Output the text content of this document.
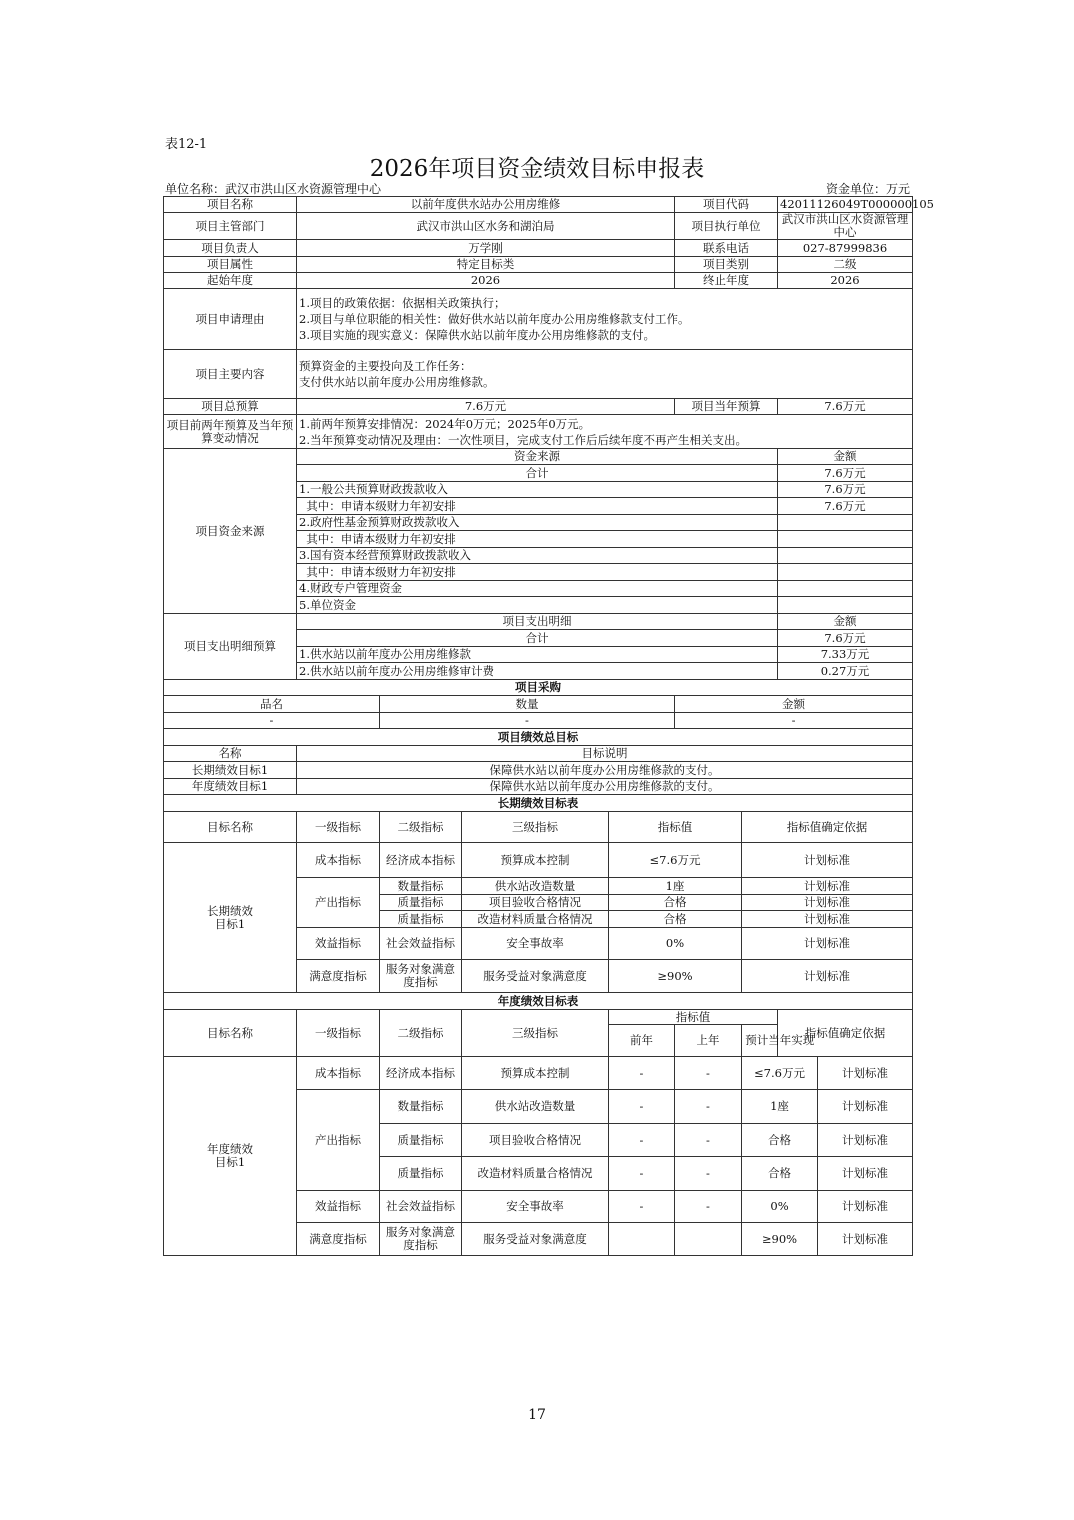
表12-1
2026年项目资金绩效目标申报表
单位名称：武汉市洪山区水资源管理中心	资金单位：万元
项目名称	以前年度供水站办公用房维修				项目代码		42011126049T000000105	
项目主管部门	武汉市洪山区水务和湖泊局				项目执行单位		武汉市洪山区水资源管理中心	
项目负责人	万学刚				联系电话		027-87999836	
项目属性	特定目标类				项目类别		二级	
起始年度	2026				终止年度		2026	
项目申请理由	1.项目的政策依据：依据相关政策执行；
2.项目与单位职能的相关性：做好供水站以前年度办公用房维修款支付工作。
3.项目实施的现实意义：保障供水站以前年度办公用房维修款的支付。							
项目主要内容	预算资金的主要投向及工作任务：
支付供水站以前年度办公用房维修款。							
项目总预算	7.6万元				项目当年预算		7.6万元	
项目前两年预算及当年预算变动情况	1.前两年预算安排情况：2024年0万元；2025年0万元。
2.当年预算变动情况及理由：一次性项目，完成支付工作后后续年度不再产生相关支出。							
项目资金来源	资金来源						金额	
	合计						7.6万元	
	1.一般公共预算财政拨款收入						7.6万元	
	其中：申请本级财力年初安排						7.6万元	
	2.政府性基金预算财政拨款收入							
	其中：申请本级财力年初安排							
	3.国有资本经营预算财政拨款收入							
	其中：申请本级财力年初安排							
	4.财政专户管理资金							
	5.单位资金							
项目支出明细预算	项目支出明细						金额	
	合计						7.6万元	
	1.供水站以前年度办公用房维修款						7.33万元	
	2.供水站以前年度办公用房维修审计费						0.27万元	
项目采购								
品名		数量			金额			
-		-			-			
项目绩效总目标								
名称	目标说明							
长期绩效目标1	保障供水站以前年度办公用房维修款的支付。							
年度绩效目标1	保障供水站以前年度办公用房维修款的支付。							
长期绩效目标表								
目标名称	一级指标	二级指标	三级指标	指标值		指标值确定依据		
长期绩效
目标1	成本指标	经济成本指标	预算成本控制	≤7.6万元		计划标准		
	产出指标	数量指标	供水站改造数量	1座		计划标准		
		质量指标	项目验收合格情况	合格		计划标准		
		质量指标	改造材料质量合格情况	合格		计划标准		
	效益指标	社会效益指标	安全事故率	0%		计划标准		
	满意度指标	服务对象满意度指标	服务受益对象满意度	≥90%		计划标准		
年度绩效目标表								
目标名称	一级指标	二级指标	三级指标	指标值			指标值确定依据	
				前年	上年	预计当年实现		
年度绩效
目标1	成本指标	经济成本指标	预算成本控制	-	-	≤7.6万元		计划标准
	产出指标	数量指标	供水站改造数量	-	-	1座		计划标准
		质量指标	项目验收合格情况	-	-	合格		计划标准
		质量指标	改造材料质量合格情况	-	-	合格		计划标准
	效益指标	社会效益指标	安全事故率	-	-	0%		计划标准
	满意度指标	服务对象满意度指标	服务受益对象满意度			≥90%		计划标准
17
